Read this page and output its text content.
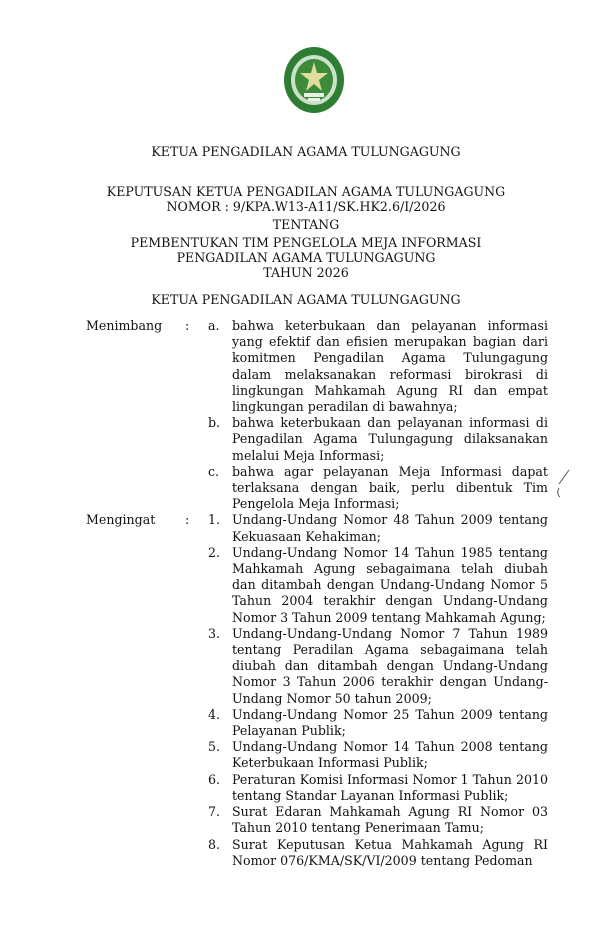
KETUA PENGADILAN AGAMA TULUNGAGUNG
KEPUTUSAN KETUA PENGADILAN AGAMA TULUNGAGUNG
NOMOR : 9/KPA.W13-A11/SK.HK2.6/I/2026
TENTANG
PEMBENTUKAN TIM PENGELOLA MEJA INFORMASI
PENGADILAN AGAMA TULUNGAGUNG
TAHUN 2026
KETUA PENGADILAN AGAMA TULUNGAGUNG
Menimbang : a. bahwa keterbukaan dan pelayanan informasi yang efektif dan efisien merupakan bagian dari komitmen Pengadilan Agama Tulungagung dalam melaksanakan reformasi birokrasi di lingkungan Mahkamah Agung RI dan empat lingkungan peradilan di bawahnya;
b. bahwa keterbukaan dan pelayanan informasi di Pengadilan Agama Tulungagung dilaksanakan melalui Meja Informasi;
c. bahwa agar pelayanan Meja Informasi dapat terlaksana dengan baik, perlu dibentuk Tim Pengelola Meja Informasi;
Mengingat : 1. Undang-Undang Nomor 48 Tahun 2009 tentang Kekuasaan Kehakiman;
2. Undang-Undang Nomor 14 Tahun 1985 tentang Mahkamah Agung sebagaimana telah diubah dan ditambah dengan Undang-Undang Nomor 5 Tahun 2004 terakhir dengan Undang-Undang Nomor 3 Tahun 2009 tentang Mahkamah Agung;
3. Undang-Undang-Undang Nomor 7 Tahun 1989 tentang Peradilan Agama sebagaimana telah diubah dan ditambah dengan Undang-Undang Nomor 3 Tahun 2006 terakhir dengan Undang-Undang Nomor 50 tahun 2009;
4. Undang-Undang Nomor 25 Tahun 2009 tentang Pelayanan Publik;
5. Undang-Undang Nomor 14 Tahun 2008 tentang Keterbukaan Informasi Publik;
6. Peraturan Komisi Informasi Nomor 1 Tahun 2010 tentang Standar Layanan Informasi Publik;
7. Surat Edaran Mahkamah Agung RI Nomor 03 Tahun 2010 tentang Penerimaan Tamu;
8. Surat Keputusan Ketua Mahkamah Agung RI Nomor 076/KMA/SK/VI/2009 tentang Pedoman
